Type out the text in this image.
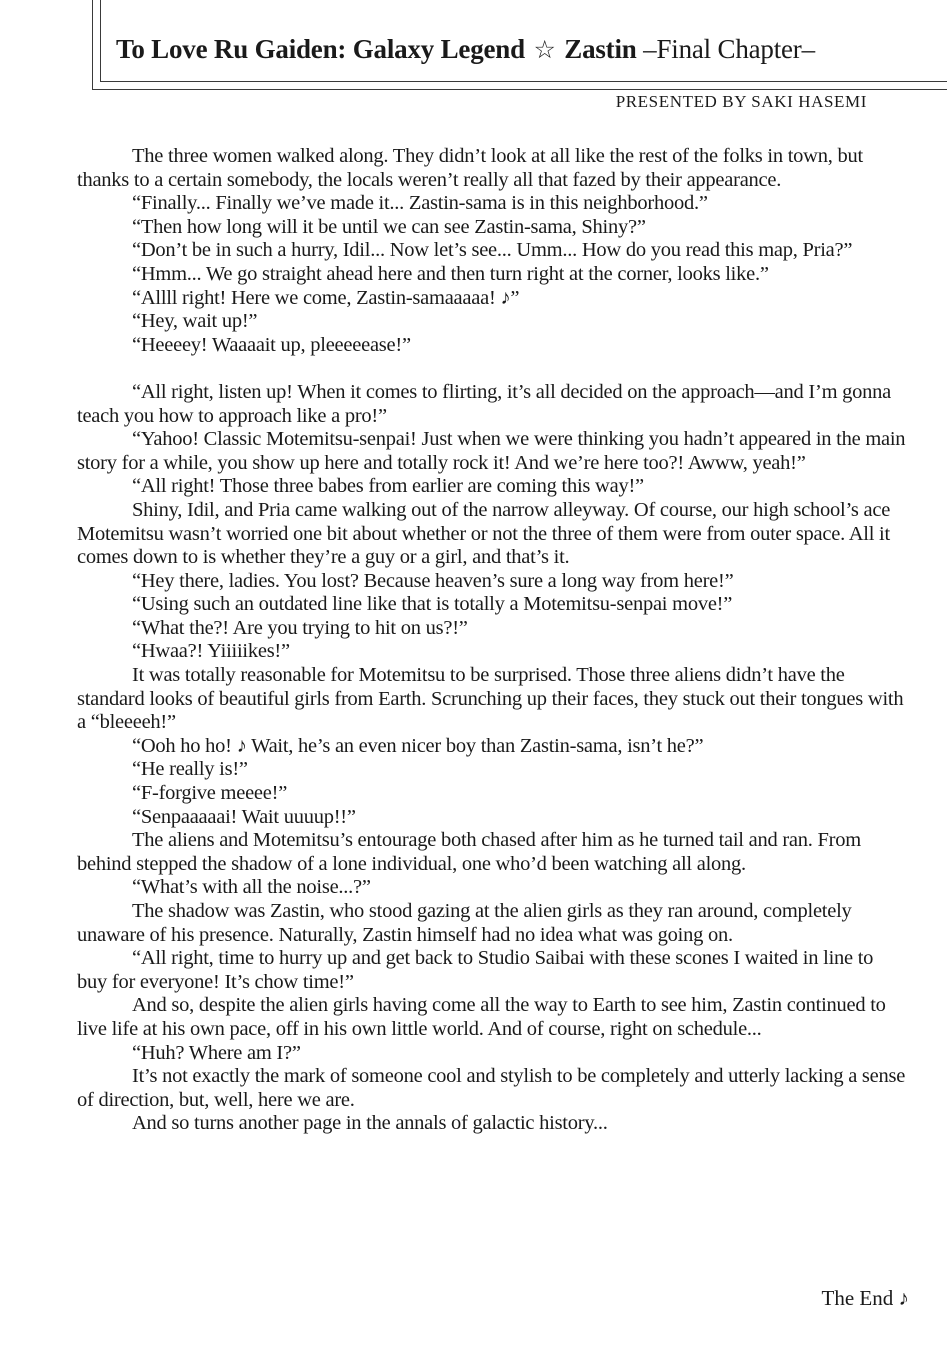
To Love Ru Gaiden: Galaxy Legend ☆ Zastin –Final Chapter–
PRESENTED BY SAKI HASEMI

The three women walked along. They didn’t look at all like the rest of the folks in town, but thanks to a certain somebody, the locals weren’t really all that fazed by their appearance.

“Finally... Finally we’ve made it... Zastin-sama is in this neighborhood.”

“Then how long will it be until we can see Zastin-sama, Shiny?”

“Don’t be in such a hurry, Idil... Now let’s see... Umm... How do you read this map, Pria?”

“Hmm... We go straight ahead here and then turn right at the corner, looks like.”

“Allll right! Here we come, Zastin-samaaaaa! ♪”

“Hey, wait up!”

“Heeeey! Waaaait up, pleeeeease!”

“All right, listen up! When it comes to flirting, it’s all decided on the approach—and I’m gonna teach you how to approach like a pro!”

“Yahoo! Classic Motemitsu-senpai! Just when we were thinking you hadn’t appeared in the main story for a while, you show up here and totally rock it! And we’re here too?! Awww, yeah!”

“All right! Those three babes from earlier are coming this way!”

Shiny, Idil, and Pria came walking out of the narrow alleyway. Of course, our high school’s ace Motemitsu wasn’t worried one bit about whether or not the three of them were from outer space. All it comes down to is whether they’re a guy or a girl, and that’s it.

“Hey there, ladies. You lost? Because heaven’s sure a long way from here!”

“Using such an outdated line like that is totally a Motemitsu-senpai move!”

“What the?! Are you trying to hit on us?!”

“Hwaa?! Yiiiiikes!”

It was totally reasonable for Motemitsu to be surprised. Those three aliens didn’t have the standard looks of beautiful girls from Earth. Scrunching up their faces, they stuck out their tongues with a “bleeeeh!”

“Ooh ho ho! ♪ Wait, he’s an even nicer boy than Zastin-sama, isn’t he?”

“He really is!”

“F-forgive meeee!”

“Senpaaaaai! Wait uuuup!!”

The aliens and Motemitsu’s entourage both chased after him as he turned tail and ran. From behind stepped the shadow of a lone individual, one who’d been watching all along.

“What’s with all the noise...?”

The shadow was Zastin, who stood gazing at the alien girls as they ran around, completely unaware of his presence. Naturally, Zastin himself had no idea what was going on.

“All right, time to hurry up and get back to Studio Saibai with these scones I waited in line to buy for everyone! It’s chow time!”

And so, despite the alien girls having come all the way to Earth to see him, Zastin continued to live life at his own pace, off in his own little world. And of course, right on schedule...

“Huh? Where am I?”

It’s not exactly the mark of someone cool and stylish to be completely and utterly lacking a sense of direction, but, well, here we are.

And so turns another page in the annals of galactic history...

The End ♪
